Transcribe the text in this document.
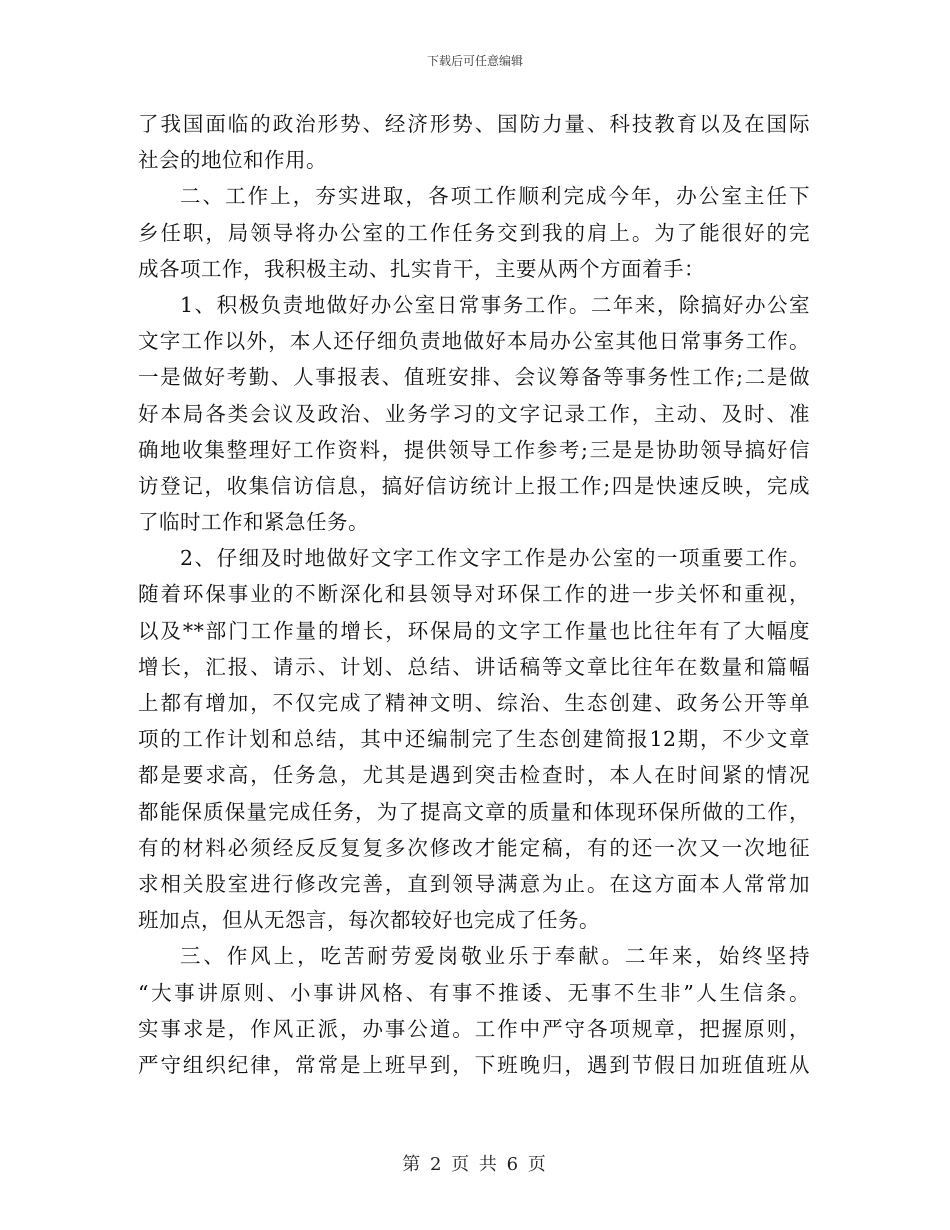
下载后可任意编辑
了我国面临的政治形势、经济形势、国防力量、科技教育以及在国际
社会的地位和作用。
二、工作上，夯实进取，各项工作顺利完成今年，办公室主任下
乡任职，局领导将办公室的工作任务交到我的肩上。为了能很好的完
成各项工作，我积极主动、扎实肯干，主要从两个方面着手：
1、积极负责地做好办公室日常事务工作。二年来，除搞好办公室
文字工作以外，本人还仔细负责地做好本局办公室其他日常事务工作。
一是做好考勤、人事报表、值班安排、会议筹备等事务性工作;二是做
好本局各类会议及政治、业务学习的文字记录工作，主动、及时、准
确地收集整理好工作资料，提供领导工作参考;三是是协助领导搞好信
访登记，收集信访信息，搞好信访统计上报工作;四是快速反映，完成
了临时工作和紧急任务。
2、仔细及时地做好文字工作文字工作是办公室的一项重要工作。
随着环保事业的不断深化和县领导对环保工作的进一步关怀和重视，
以及**部门工作量的增长，环保局的文字工作量也比往年有了大幅度
增长，汇报、请示、计划、总结、讲话稿等文章比往年在数量和篇幅
上都有增加，不仅完成了精神文明、综治、生态创建、政务公开等单
项的工作计划和总结，其中还编制完了生态创建简报12期，不少文章
都是要求高，任务急，尤其是遇到突击检查时，本人在时间紧的情况
都能保质保量完成任务，为了提高文章的质量和体现环保所做的工作，
有的材料必须经反反复复多次修改才能定稿，有的还一次又一次地征
求相关股室进行修改完善，直到领导满意为止。在这方面本人常常加
班加点，但从无怨言，每次都较好也完成了任务。
三、作风上，吃苦耐劳爱岗敬业乐于奉献。二年来，始终坚持
“大事讲原则、小事讲风格、有事不推诿、无事不生非”人生信条。
实事求是，作风正派，办事公道。工作中严守各项规章，把握原则，
严守组织纪律，常常是上班早到，下班晚归，遇到节假日加班值班从
第 2 页 共 6 页
